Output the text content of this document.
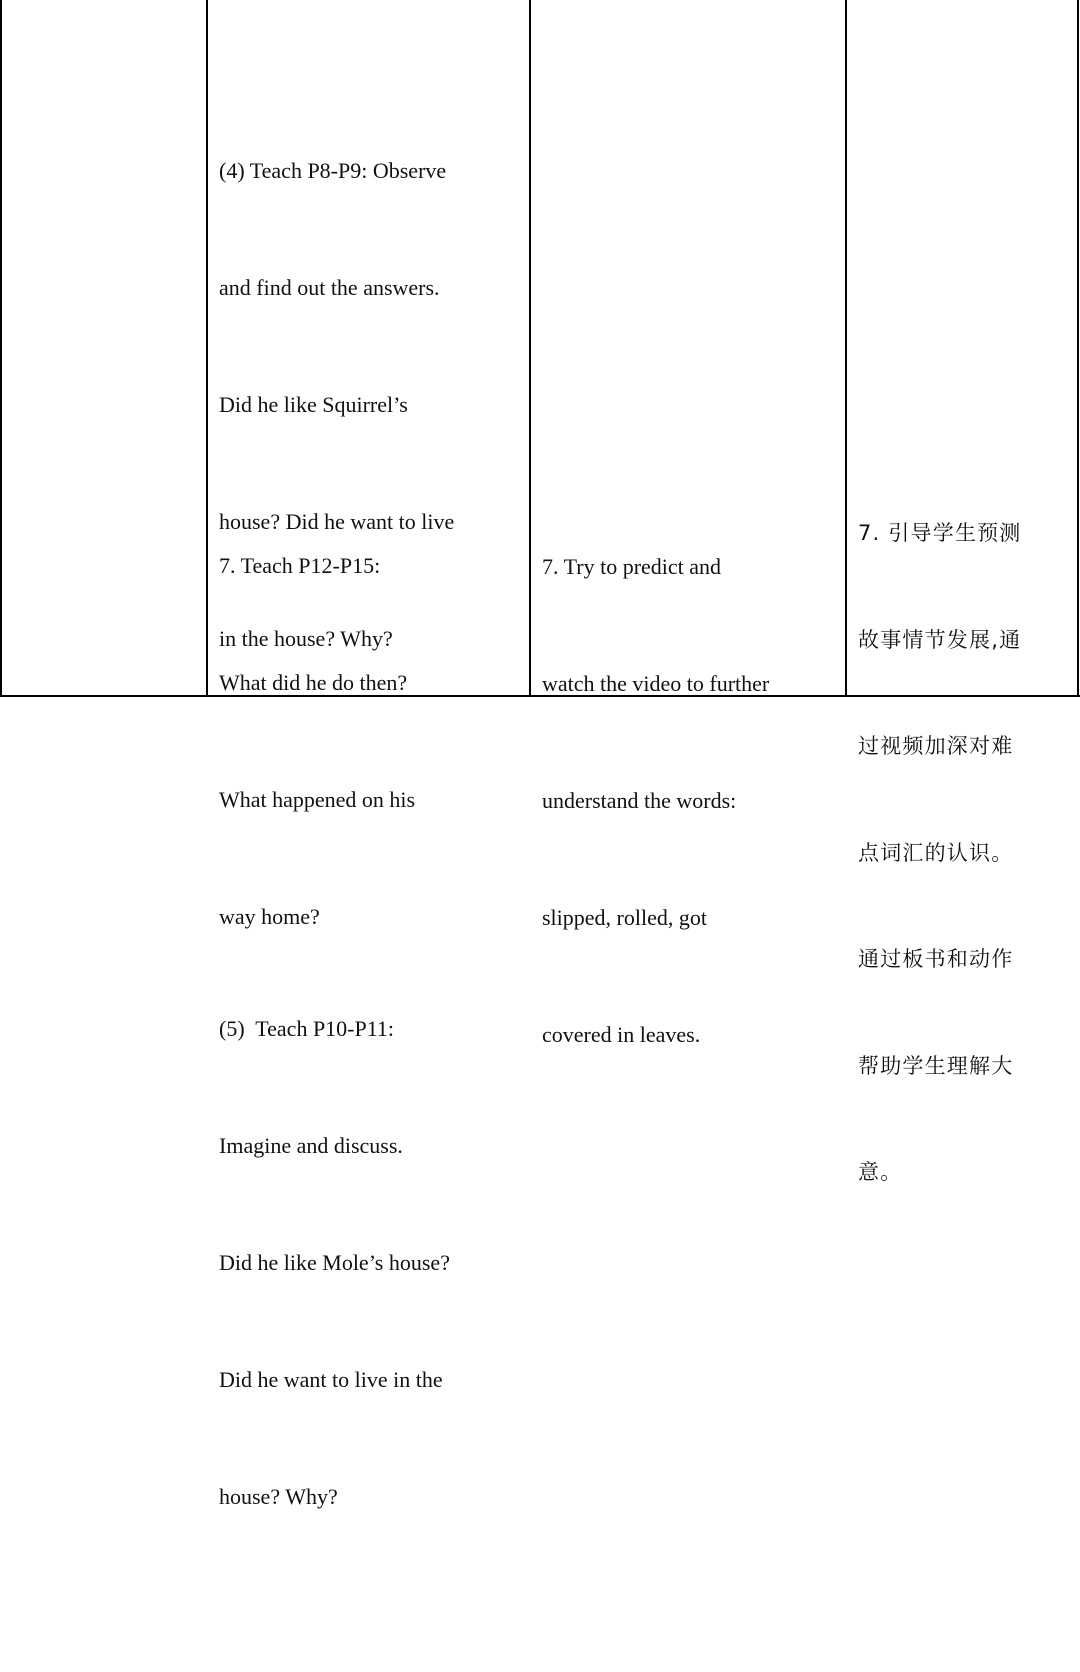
(4) Teach P8-P9: Observe

and find out the answers.

Did he like Squirrel’s

house? Did he want to live

in the house? Why?

(5)  Teach P10-P11:

Imagine and discuss.

Did he like Mole’s house?

Did he want to live in the

house? Why?

7. Teach P12-P15:

What did he do then?

What happened on his

way home?

7. Try to predict and

watch the video to further

understand the words:

slipped, rolled, got

covered in leaves.

7. 引导学生预测

故事情节发展,通

过视频加深对难

点词汇的认识。

通过板书和动作

帮助学生理解大

意。
